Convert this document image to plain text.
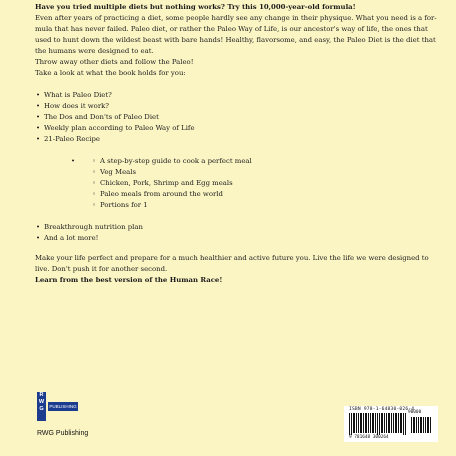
Have you tried multiple diets but nothing works? Try this 10,000-year-old formula!
Even after years of practicing a diet, some people hardly see any change in their physique. What you need is a for-
mula that has never failed. Paleo diet, or rather the Paleo Way of Life, is our ancestor's way of life, the ones that
used to hunt down the wildest beast with bare hands! Healthy, flavorsome, and easy, the Paleo Diet is the diet that
the humans were designed to eat.
Throw away other diets and follow the Paleo!
Take a look at what the book holds for you:
• What is Paleo Diet?
• How does it work?
• The Dos and Don'ts of Paleo Diet
• Weekly plan according to Paleo Way of Life
• 21-Paleo Recipe
•
◦	A step-by-step guide to cook a perfect meal
◦ Veg Meals
◦ Chicken, Pork, Shrimp and Egg meals
◦ Paleo meals from around the world
◦ Portions for 1
• Breakthrough nutrition plan
• And a lot more!
Make your life perfect and prepare for a much healthier and active future you. Live the life we were designed to
live. Don't push it for another second.
Learn from the best version of the Human Race!
R
W
G	PUBLISHING
RWG Publishing
ISBN 978-1-64830-026-4
90000
9 781648 300264
